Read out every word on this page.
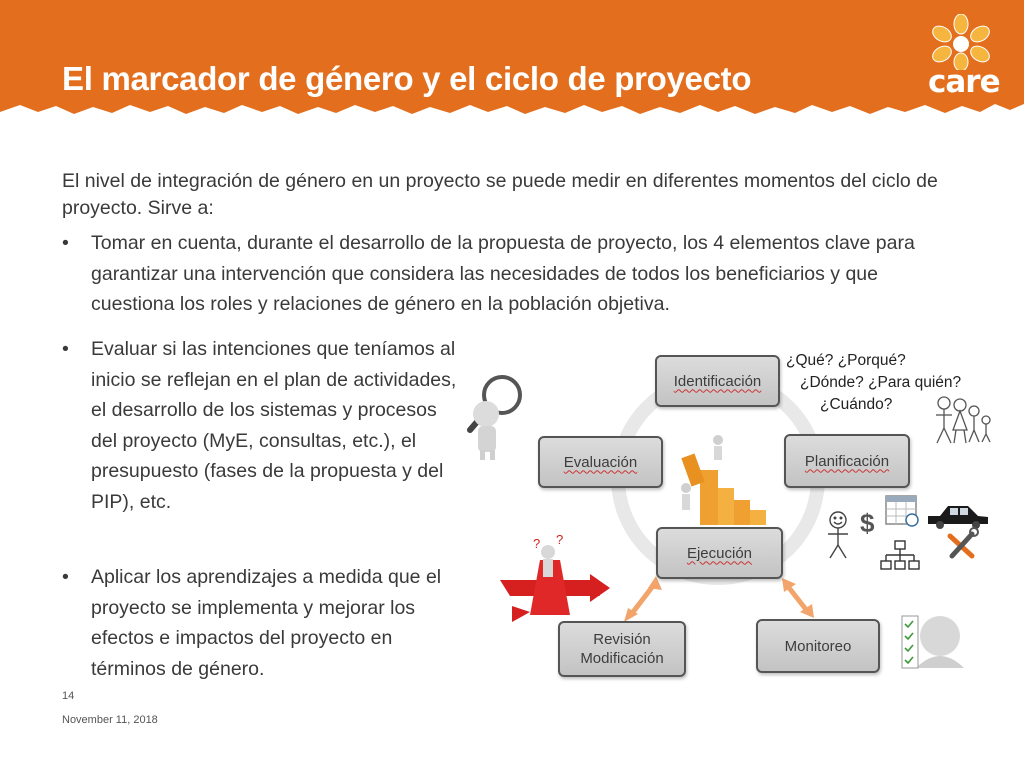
El marcador de género y el ciclo de proyecto	care
El nivel de integración de género en un proyecto se puede medir en diferentes momentos del ciclo de proyecto. Sirve a:
•	Tomar en cuenta, durante el desarrollo de la propuesta de proyecto, los 4 elementos clave para garantizar una intervención que considera las necesidades de todos los beneficiarios y que cuestiona los roles y relaciones de género en la población objetiva.
•	Evaluar si las intenciones que teníamos al inicio se reflejan en el plan de actividades, el desarrollo de los sistemas y procesos del proyecto (MyE, consultas, etc.), el presupuesto (fases de la propuesta y del PIP), etc.
•	Aplicar los aprendizajes a medida que el proyecto se implementa y mejorar los efectos e impactos del proyecto en términos de género.
? ?
$
Identificación
Planificación
Evaluación
Ejecución
Revisión
Modificación
Monitoreo
¿Qué? ¿Porqué?
¿Dónde? ¿Para quién?
¿Cuándo?
14
November 11, 2018
